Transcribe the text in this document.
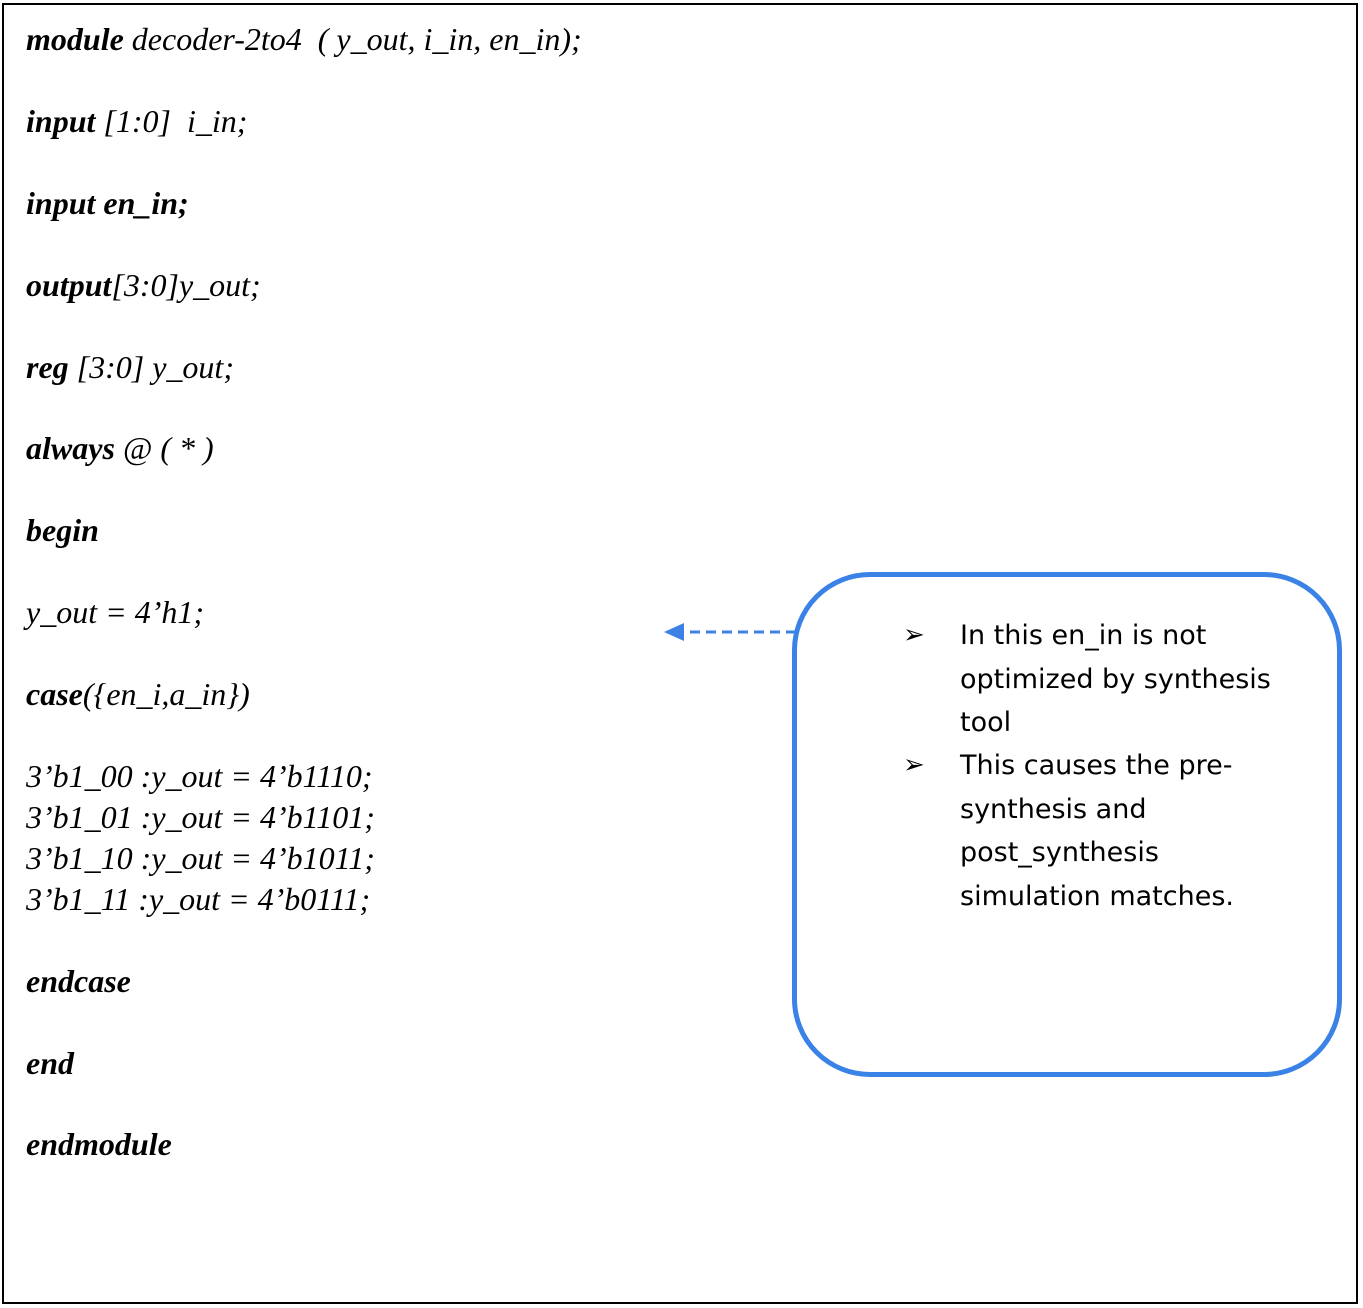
module decoder-2to4  ( y_out, i_in, en_in);
input [1:0]  i_in;
input en_in;
output[3:0]y_out;
reg [3:0] y_out;
always @ ( * )
begin
y_out = 4’h1;
case({en_i,a_in})
3’b1_00 :y_out = 4’b1110;
3’b1_01 :y_out = 4’b1101;
3’b1_10 :y_out = 4’b1011;
3’b1_11 :y_out = 4’b0111;
endcase
end
endmodule
➢ In this en_in is not
optimized by synthesis
tool
➢ This causes the pre-
synthesis and
post_synthesis
simulation matches.
